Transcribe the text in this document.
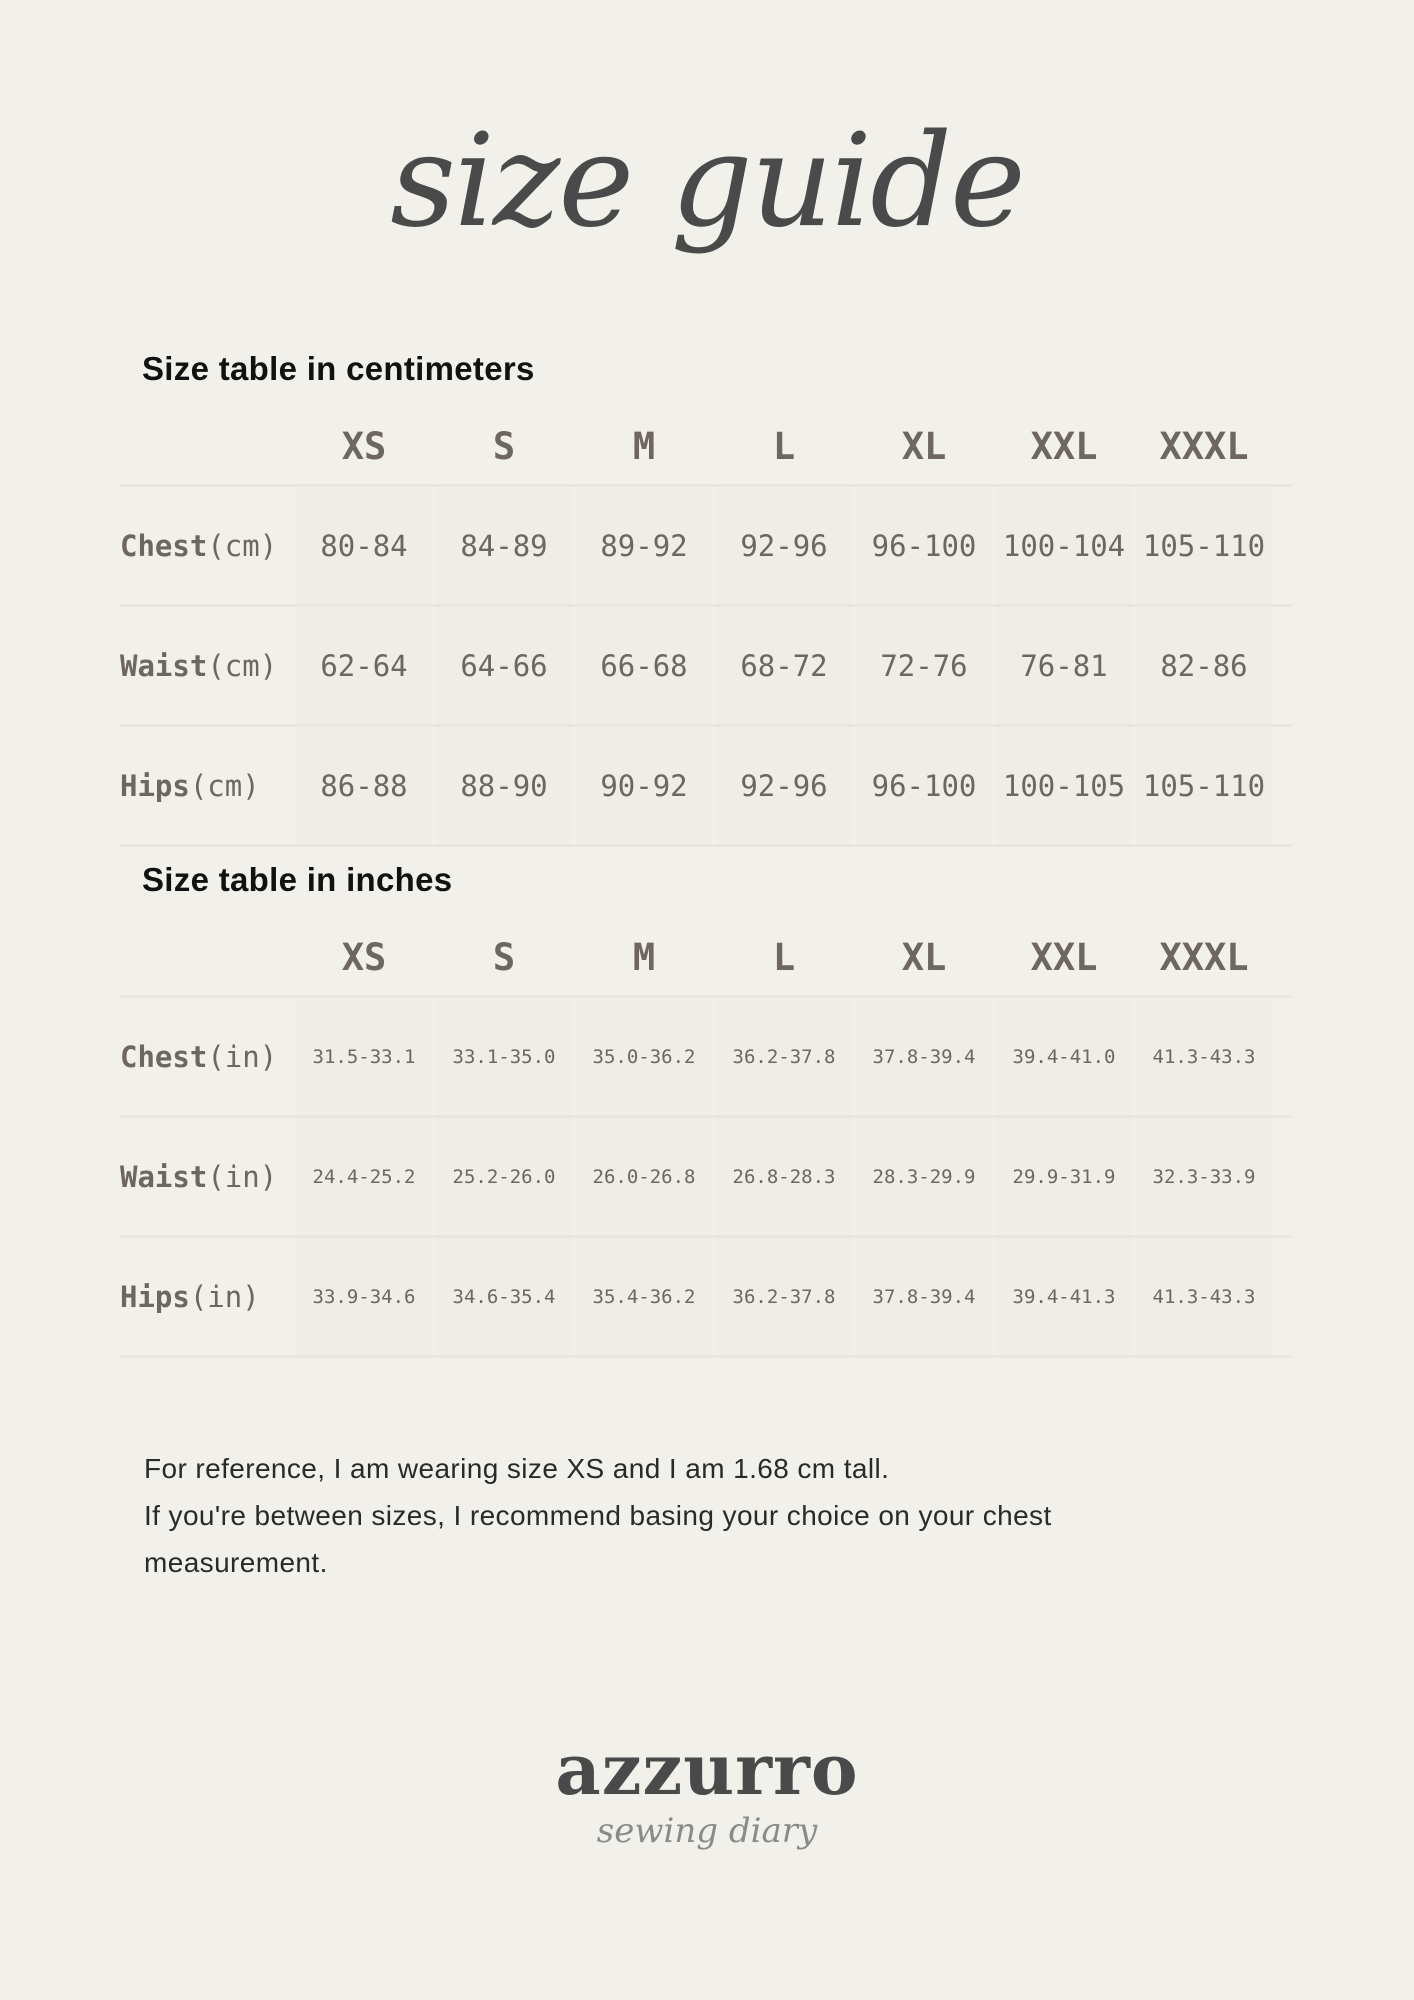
size guide
Size table in centimeters
XS	S	M	L	XL	XXL	XXXL
Chest (cm)	80-84	84-89	89-92	92-96	96-100 100-104 105-110
Waist (cm)	62-64	64-66	66-68	68-72	72-76	76-81	82-86
Hips (cm)	86-88	88-90	90-92	92-96	96-100 100-105 105-110
Size table in inches
XS	S	M	L	XL	XXL	XXXL
Chest (in)	31.5-33.1	33.1-35.0	35.0-36.2	36.2-37.8	37.8-39.4	39.4-41.0	41.3-43.3
Waist (in)	24.4-25.2	25.2-26.0	26.0-26.8	26.8-28.3	28.3-29.9	29.9-31.9	32.3-33.9
Hips (in)	33.9-34.6	34.6-35.4	35.4-36.2	36.2-37.8	37.8-39.4	39.4-41.3	41.3-43.3

For reference, I am wearing size XS and I am 1.68 cm tall.

If you're between sizes, I recommend basing your choice on your chest measurement.

azzurro
sewing diary
